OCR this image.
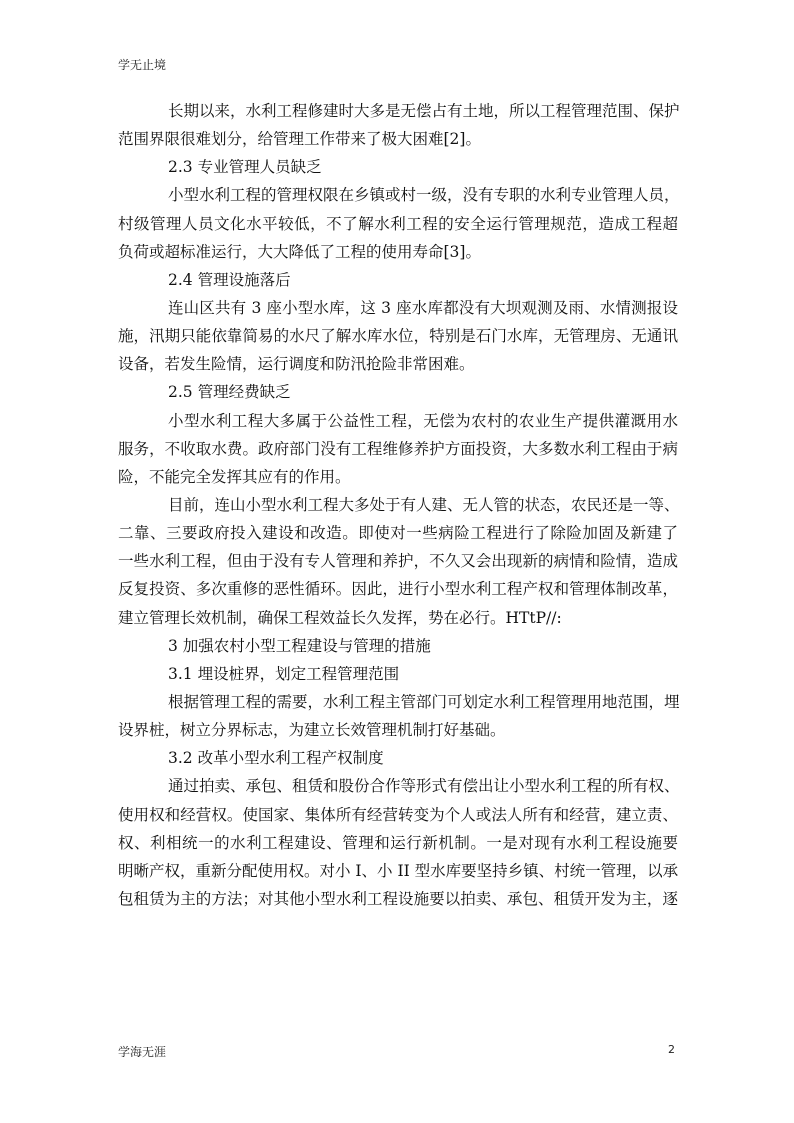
学无止境
长期以来，水利工程修建时大多是无偿占有土地，所以工程管理范围、保护
范围界限很难划分，给管理工作带来了极大困难[2]。
2.3 专业管理人员缺乏
小型水利工程的管理权限在乡镇或村一级，没有专职的水利专业管理人员，
村级管理人员文化水平较低，不了解水利工程的安全运行管理规范，造成工程超
负荷或超标准运行，大大降低了工程的使用寿命[3]。
2.4 管理设施落后
连山区共有 3 座小型水库，这 3 座水库都没有大坝观测及雨、水情测报设
施，汛期只能依靠简易的水尺了解水库水位，特别是石门水库，无管理房、无通讯
设备，若发生险情，运行调度和防汛抢险非常困难。
2.5 管理经费缺乏
小型水利工程大多属于公益性工程，无偿为农村的农业生产提供灌溉用水
服务，不收取水费。政府部门没有工程维修养护方面投资，大多数水利工程由于病
险，不能完全发挥其应有的作用。
目前，连山小型水利工程大多处于有人建、无人管的状态，农民还是一等、
二靠、三要政府投入建设和改造。即使对一些病险工程进行了除险加固及新建了
一些水利工程，但由于没有专人管理和养护，不久又会出现新的病情和险情，造成
反复投资、多次重修的恶性循环。因此，进行小型水利工程产权和管理体制改革，
建立管理长效机制，确保工程效益长久发挥，势在必行。HTtP//:
3 加强农村小型工程建设与管理的措施
3.1 埋设桩界，划定工程管理范围
根据管理工程的需要，水利工程主管部门可划定水利工程管理用地范围，埋
设界桩，树立分界标志，为建立长效管理机制打好基础。
3.2 改革小型水利工程产权制度
通过拍卖、承包、租赁和股份合作等形式有偿出让小型水利工程的所有权、
使用权和经营权。使国家、集体所有经营转变为个人或法人所有和经营，建立责、
权、利相统一的水利工程建设、管理和运行新机制。一是对现有水利工程设施要
明晰产权，重新分配使用权。对小 I、小 II 型水库要坚持乡镇、村统一管理，以承
包租赁为主的方法；对其他小型水利工程设施要以拍卖、承包、租赁开发为主，逐
学海无涯	2
